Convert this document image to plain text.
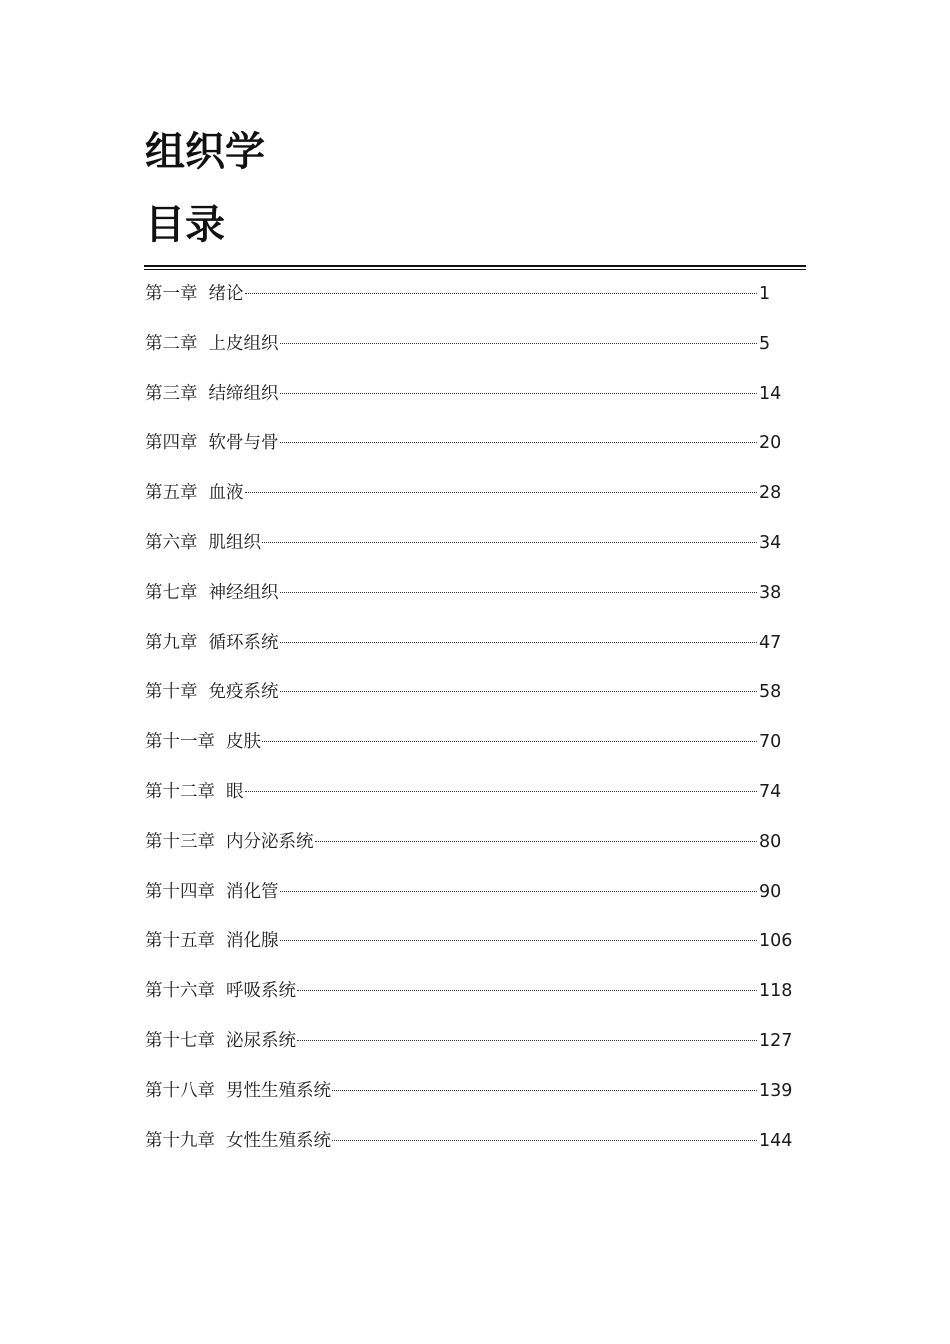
组织学
目录
第一章 绪论	1
第二章 上皮组织	5
第三章 结缔组织	14
第四章 软骨与骨	20
第五章 血液	28
第六章 肌组织	34
第七章 神经组织	38
第九章 循环系统	47
第十章 免疫系统	58
第十一章 皮肤	70
第十二章 眼	74
第十三章 内分泌系统	80
第十四章 消化管	90
第十五章 消化腺	106
第十六章 呼吸系统	118
第十七章 泌尿系统	127
第十八章 男性生殖系统	139
第十九章 女性生殖系统	144
